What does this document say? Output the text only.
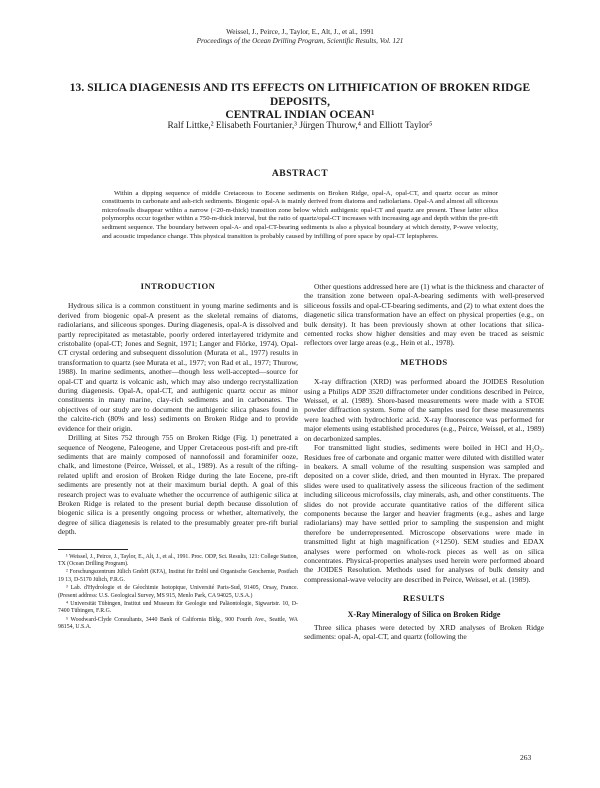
Weissel, J., Peirce, J., Taylor, E., Alt, J., et al., 1991
Proceedings of the Ocean Drilling Program, Scientific Results, Vol. 121
13. SILICA DIAGENESIS AND ITS EFFECTS ON LITHIFICATION OF BROKEN RIDGE DEPOSITS,
CENTRAL INDIAN OCEAN¹
Ralf Littke,² Elisabeth Fourtanier,³ Jürgen Thurow,⁴ and Elliott Taylor⁵
ABSTRACT

Within a dipping sequence of middle Cretaceous to Eocene sediments on Broken Ridge, opal-A, opal-CT, and quartz occur as minor constituents in carbonate and ash-rich sediments. Biogenic opal-A is mainly derived from diatoms and radiolarians. Opal-A and almost all siliceous microfossils disappear within a narrow (<20-m-thick) transition zone below which authigenic opal-CT and quartz are present. These latter silica polymorphs occur together within a 750-m-thick interval, but the ratio of quartz/opal-CT increases with increasing age and depth within the pre-rift sediment sequence. The boundary between opal-A- and opal-CT-bearing sediments is also a physical boundary at which density, P-wave velocity, and acoustic impedance change. This physical transition is probably caused by infilling of pore space by opal-CT lepispheres.

INTRODUCTION

Hydrous silica is a common constituent in young marine sediments and is derived from biogenic opal-A present as the skeletal remains of diatoms, radiolarians, and siliceous sponges. During diagenesis, opal-A is dissolved and partly reprecipitated as metastable, poorly ordered interlayered tridymite and cristobalite (opal-CT; Jones and Segnit, 1971; Langer and Flörke, 1974). Opal-CT crystal ordering and subsequent dissolution (Murata et al., 1977) results in transformation to quartz (see Murata et al., 1977; von Rad et al., 1977; Thurow, 1988). In marine sediments, another—though less well-accepted—source for opal-CT and quartz is volcanic ash, which may also undergo recrystallization during diagenesis. Opal-A, opal-CT, and authigenic quartz occur as minor constituents in many marine, clay-rich sediments and in carbonates. The objectives of our study are to document the authigenic silica phases found in the calcite-rich (80% and less) sediments on Broken Ridge and to provide evidence for their origin.

Drilling at Sites 752 through 755 on Broken Ridge (Fig. 1) penetrated a sequence of Neogene, Paleogene, and Upper Cretaceous post-rift and pre-rift sediments that are mainly composed of nannofossil and foraminifer ooze, chalk, and limestone (Peirce, Weissel, et al., 1989). As a result of the rifting-related uplift and erosion of Broken Ridge during the late Eocene, pre-rift sediments are presently not at their maximum burial depth. A goal of this research project was to evaluate whether the occurrence of authigenic silica at Broken Ridge is related to the present burial depth because dissolution of biogenic silica is a presently ongoing process or whether, alternatively, the degree of silica diagenesis is related to the presumably greater pre-rift burial depth.

¹ Weissel, J., Peirce, J., Taylor, E., Alt, J., et al., 1991. Proc. ODP, Sci. Results, 121: College Station, TX (Ocean Drilling Program).

² Forschungszentrum Jülich GmbH (KFA), Institut für Erdöl und Organische Geochemie, Postfach 19 13, D-5170 Jülich, F.R.G.

³ Lab. d'Hydrologie et de Géochimie Isotopique, Université Paris-Sud, 91405, Orsay, France. (Present address: U.S. Geological Survey, MS 915, Menlo Park, CA 94025, U.S.A.)

⁴ Universität Tübingen, Institut und Museum für Geologie und Paläontologie, Sigwartstr. 10, D-7400 Tübingen, F.R.G.

⁵ Woodward-Clyde Consultants, 3440 Bank of California Bldg., 900 Fourth Ave., Seattle, WA 98154, U.S.A.

Other questions addressed here are (1) what is the thickness and character of the transition zone between opal-A-bearing sediments with well-preserved siliceous fossils and opal-CT-bearing sediments, and (2) to what extent does the diagenetic silica transformation have an effect on physical properties (e.g., on bulk density). It has been previously shown at other locations that silica-cemented rocks show higher densities and may even be traced as seismic reflectors over large areas (e.g., Hein et al., 1978).

METHODS

X-ray diffraction (XRD) was performed aboard the JOIDES Resolution using a Philips ADP 3520 diffractometer under conditions described in Peirce, Weissel, et al. (1989). Shore-based measurements were made with a STOE powder diffraction system. Some of the samples used for these measurements were leached with hydrochloric acid. X-ray fluorescence was performed for major elements using established procedures (e.g., Peirce, Weissel, et al., 1989) on decarbonized samples.

For transmitted light studies, sediments were boiled in HCl and H₂O₂. Residues free of carbonate and organic matter were diluted with distilled water in beakers. A small volume of the resulting suspension was sampled and deposited on a cover slide, dried, and then mounted in Hyrax. The prepared slides were used to qualitatively assess the siliceous fraction of the sediment including siliceous microfossils, clay minerals, ash, and other constituents. The slides do not provide accurate quantitative ratios of the different silica components because the larger and heavier fragments (e.g., ashes and large radiolarians) may have settled prior to sampling the suspension and might therefore be underrepresented. Microscope observations were made in transmitted light at high magnification (×1250). SEM studies and EDAX analyses were performed on whole-rock pieces as well as on silica concentrates. Physical-properties analyses used herein were performed aboard the JOIDES Resolution. Methods used for analyses of bulk density and compressional-wave velocity are described in Peirce, Weissel, et al. (1989).

RESULTS
X-Ray Mineralogy of Silica on Broken Ridge

Three silica phases were detected by XRD analyses of Broken Ridge sediments: opal-A, opal-CT, and quartz (following the

263
